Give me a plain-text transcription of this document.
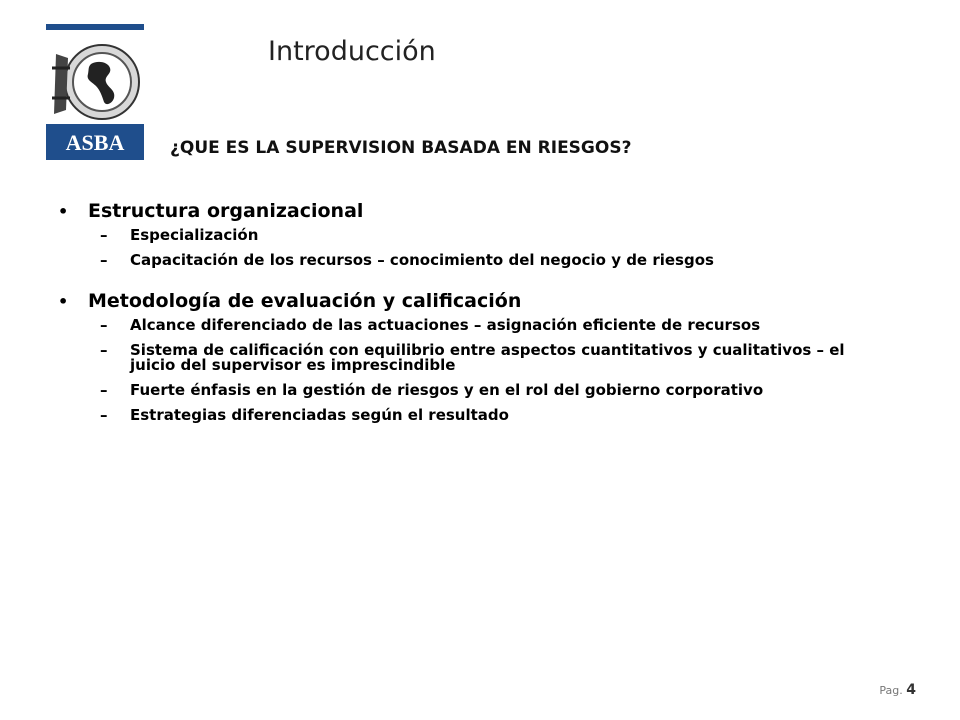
ASBA
Introducción
¿QUE ES LA SUPERVISION BASADA EN RIESGOS?
•	Estructura organizacional
–	Especialización
–	Capacitación de los recursos – conocimiento del negocio y de riesgos
•	Metodología de evaluación y calificación
–	Alcance diferenciado de las actuaciones – asignación eficiente de recursos
–	Sistema de calificación con equilibrio entre aspectos cuantitativos y cualitativos – el juicio del supervisor es imprescindible
–	Fuerte énfasis en la gestión de riesgos y en el rol del gobierno corporativo
–	Estrategias diferenciadas según el resultado
Pag. 4
